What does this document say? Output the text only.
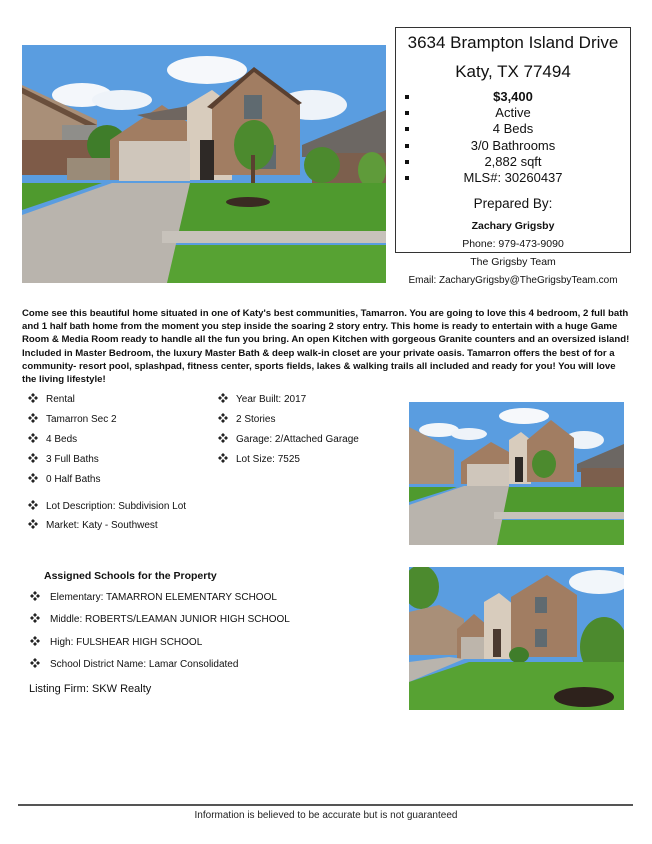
3634 Brampton Island Drive
Katy, TX 77494
$3,400
Active
4 Beds
3/0 Bathrooms
2,882 sqft
MLS#: 30260437
Prepared By:
Zachary Grigsby
Phone: 979-473-9090
The Grigsby Team
Email: ZacharyGrigsby@TheGrigsbyTeam.com
Come see this beautiful home situated in one of Katy's best communities, Tamarron. You are going to love this 4 bedroom, 2 full bath and 1 half bath home from the moment you step inside the soaring 2 story entry. This home is ready to entertain with a huge Game Room & Media Room ready to handle all the fun you bring. An open Kitchen with gorgeous Granite counters and an oversized island! Included in Master Bedroom, the luxury Master Bath & deep walk-in closet are your private oasis. Tamarron offers the best of for a community- resort pool, splashpad, fitness center, sports fields, lakes & walking trails all included and ready for you! You will love the living lifestyle!
Rental
Tamarron Sec 2
4 Beds
3 Full Baths
0 Half Baths
Year Built: 2017
2 Stories
Garage: 2/Attached Garage
Lot Size: 7525
Lot Description: Subdivision Lot
Market: Katy - Southwest
Assigned Schools for the Property
Elementary: TAMARRON ELEMENTARY SCHOOL
Middle: ROBERTS/LEAMAN JUNIOR HIGH SCHOOL
High: FULSHEAR HIGH SCHOOL
School District Name: Lamar Consolidated
Listing Firm: SKW Realty
Information is believed to be accurate but is not guaranteed
